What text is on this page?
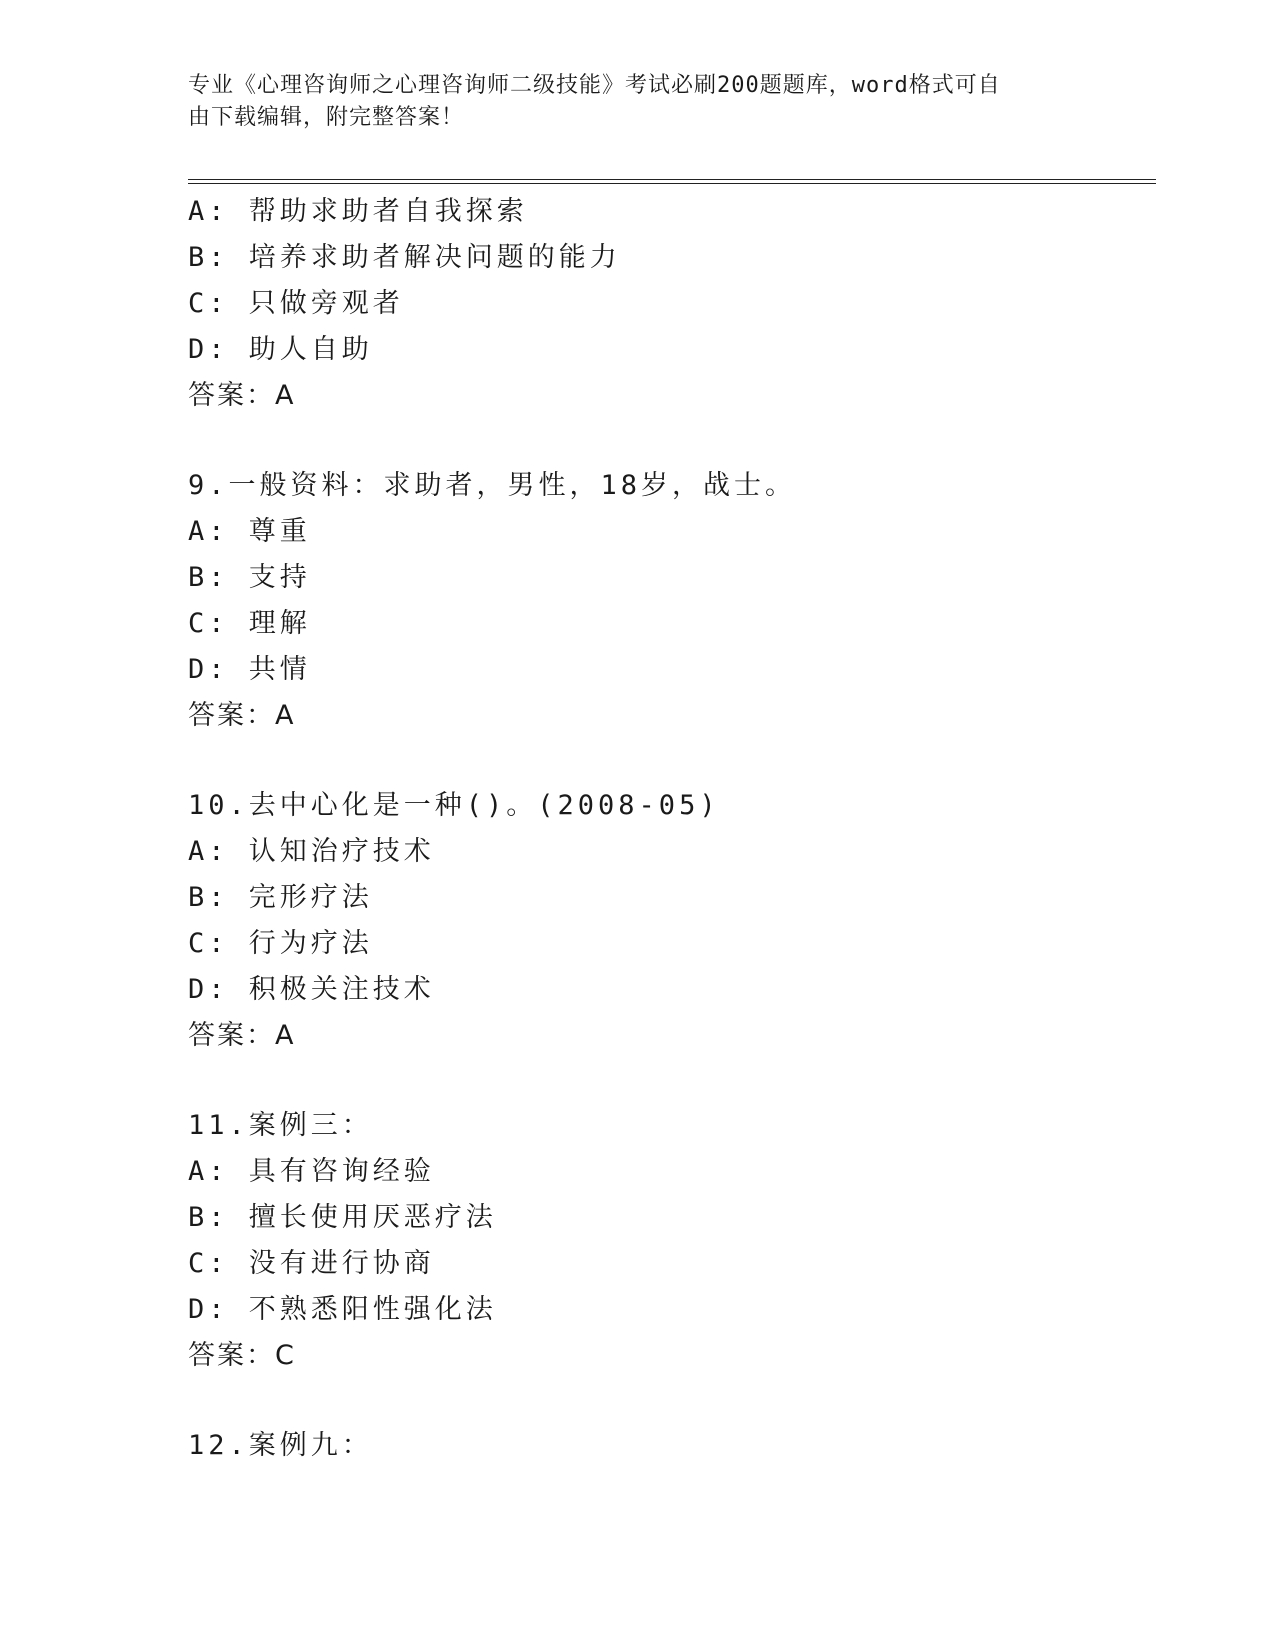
专业《心理咨询师之心理咨询师二级技能》考试必刷200题题库，word格式可自
由下载编辑，附完整答案！
A: 帮助求助者自我探索
B: 培养求助者解决问题的能力
C: 只做旁观者
D: 助人自助
答案：A
9.一般资料：求助者，男性，18岁，战士。
A: 尊重
B: 支持
C: 理解
D: 共情
答案：A
10.去中心化是一种()。(2008-05)
A: 认知治疗技术
B: 完形疗法
C: 行为疗法
D: 积极关注技术
答案：A
11.案例三：
A: 具有咨询经验
B: 擅长使用厌恶疗法
C: 没有进行协商
D: 不熟悉阳性强化法
答案：C
12.案例九：
